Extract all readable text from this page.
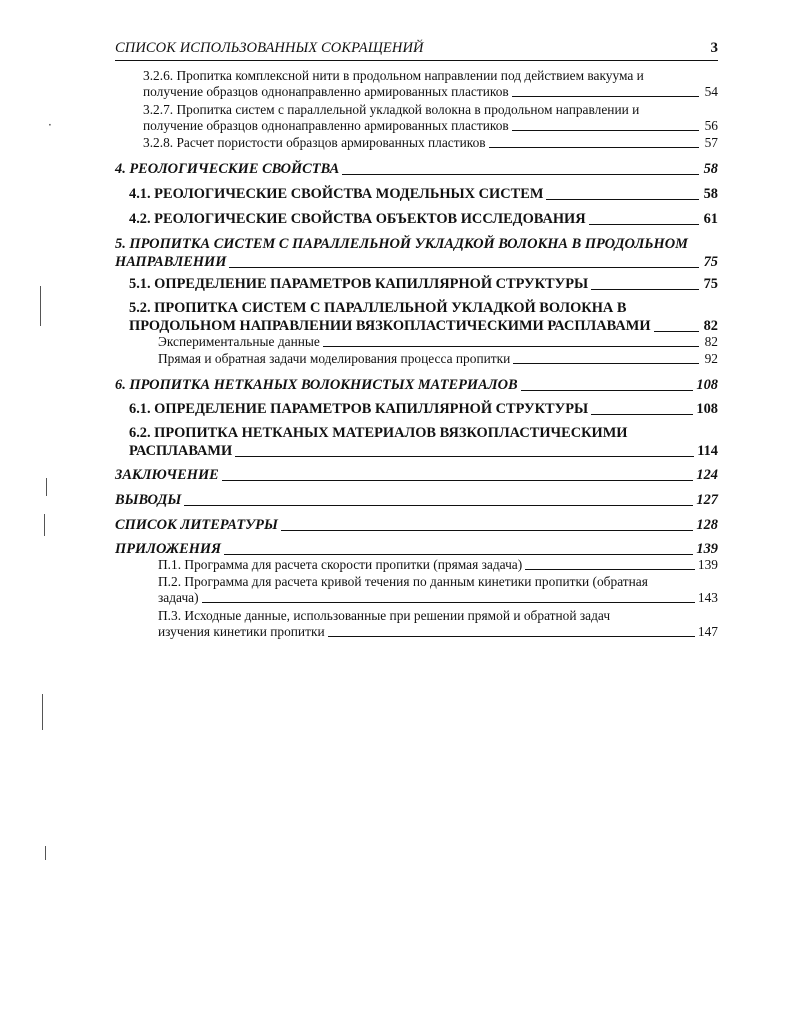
СПИСОК ИСПОЛЬЗОВАННЫХ СОКРАЩЕНИЙ	3
3.2.6. Пропитка комплексной нити в продольном направлении под действием вакуума и
получение образцов однонаправленно армированных пластиков	54
3.2.7. Пропитка систем с параллельной укладкой волокна в продольном направлении и
получение образцов однонаправленно армированных пластиков	56
3.2.8. Расчет пористости образцов армированных пластиков	57
4. РЕОЛОГИЧЕСКИЕ СВОЙСТВА	58
4.1. РЕОЛОГИЧЕСКИЕ СВОЙСТВА МОДЕЛЬНЫХ СИСТЕМ	58
4.2. РЕОЛОГИЧЕСКИЕ СВОЙСТВА ОБЪЕКТОВ ИССЛЕДОВАНИЯ	61
5. ПРОПИТКА СИСТЕМ С ПАРАЛЛЕЛЬНОЙ УКЛАДКОЙ ВОЛОКНА В ПРОДОЛЬНОМ
НАПРАВЛЕНИИ	75
5.1. ОПРЕДЕЛЕНИЕ ПАРАМЕТРОВ КАПИЛЛЯРНОЙ СТРУКТУРЫ	75
5.2. ПРОПИТКА СИСТЕМ С ПАРАЛЛЕЛЬНОЙ УКЛАДКОЙ ВОЛОКНА В
ПРОДОЛЬНОМ НАПРАВЛЕНИИ ВЯЗКОПЛАСТИЧЕСКИМИ РАСПЛАВАМИ	82
Экспериментальные данные	82
Прямая и обратная задачи моделирования процесса пропитки	92
6. ПРОПИТКА НЕТКАНЫХ ВОЛОКНИСТЫХ МАТЕРИАЛОВ	108
6.1. ОПРЕДЕЛЕНИЕ ПАРАМЕТРОВ КАПИЛЛЯРНОЙ СТРУКТУРЫ	108
6.2. ПРОПИТКА НЕТКАНЫХ МАТЕРИАЛОВ ВЯЗКОПЛАСТИЧЕСКИМИ
РАСПЛАВАМИ	114
ЗАКЛЮЧЕНИЕ	124
ВЫВОДЫ	127
СПИСОК ЛИТЕРАТУРЫ	128
ПРИЛОЖЕНИЯ	139
П.1. Программа для расчета скорости пропитки (прямая задача)	139
П.2. Программа для расчета кривой течения по данным кинетики пропитки (обратная
задача)	143
П.3. Исходные данные, использованные при решении прямой и обратной задач
изучения кинетики пропитки	147
·
